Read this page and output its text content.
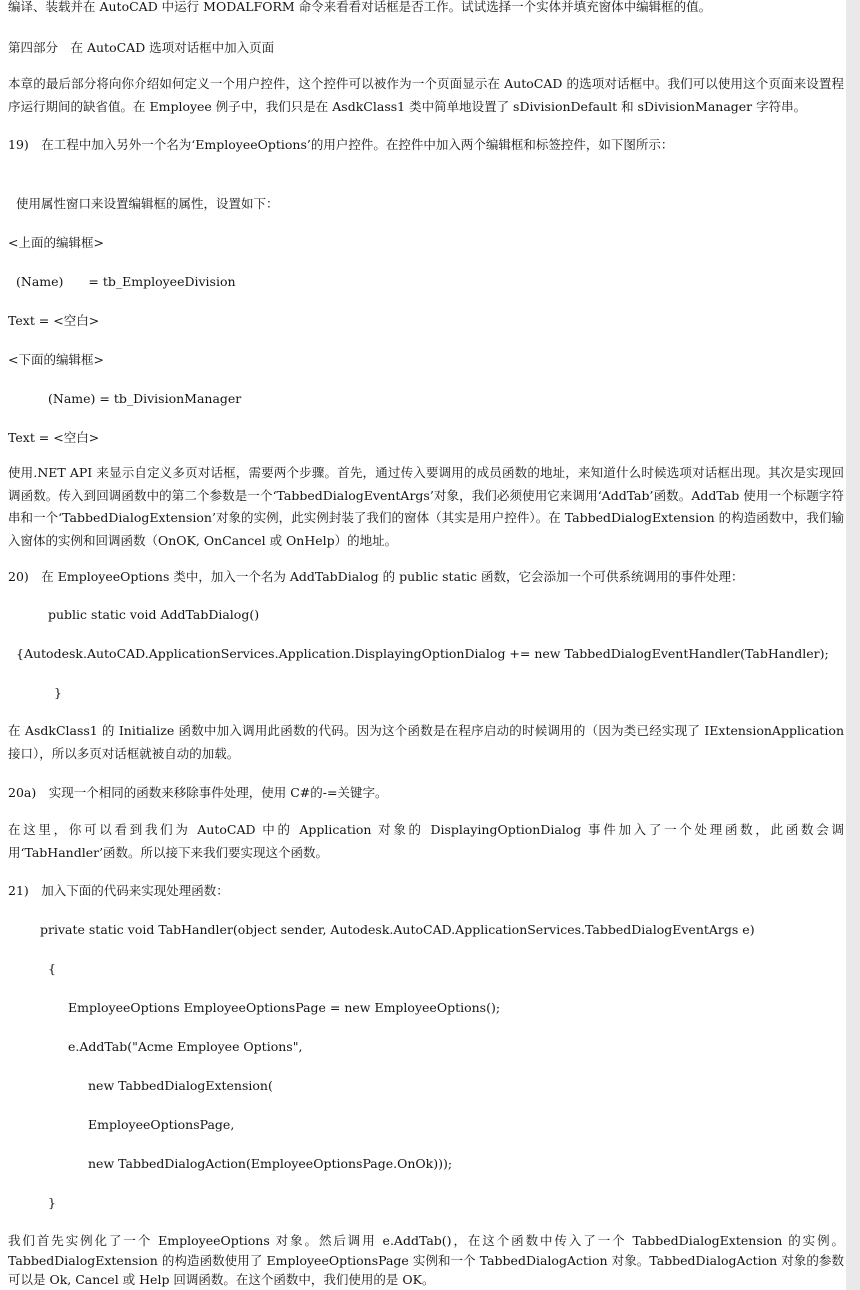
编译、装载并在 AutoCAD 中运行 MODALFORM 命令来看看对话框是否工作。试试选择一个实体并填充窗体中编辑框的值。
第四部分　在 AutoCAD 选项对话框中加入页面
本章的最后部分将向你介绍如何定义一个用户控件，这个控件可以被作为一个页面显示在 AutoCAD 的选项对话框中。我们可以使用这个页面来设置程序运行期间的缺省值。在 Employee 例子中，我们只是在 AsdkClass1 类中简单地设置了 sDivisionDefault 和 sDivisionManager 字符串。
19)　在工程中加入另外一个名为‘EmployeeOptions’的用户控件。在控件中加入两个编辑框和标签控件，如下图所示：
使用属性窗口来设置编辑框的属性，设置如下：
<上面的编辑框>
(Name)　　= tb_EmployeeDivision
Text = <空白>
<下面的编辑框>
(Name) = tb_DivisionManager
Text = <空白>
使用.NET API 来显示自定义多页对话框，需要两个步骤。首先，通过传入要调用的成员函数的地址，来知道什么时候选项对话框出现。其次是实现回调函数。传入到回调函数中的第二个参数是一个‘TabbedDialogEventArgs’对象，我们必须使用它来调用‘AddTab’函数。AddTab 使用一个标题字符串和一个‘TabbedDialogExtension’对象的实例，此实例封装了我们的窗体（其实是用户控件）。在 TabbedDialogExtension 的构造函数中，我们输入窗体的实例和回调函数（OnOK, OnCancel 或 OnHelp）的地址。
20)　在 EmployeeOptions 类中，加入一个名为 AddTabDialog 的 public static 函数，它会添加一个可供系统调用的事件处理：
public static void AddTabDialog()
{Autodesk.AutoCAD.ApplicationServices.Application.DisplayingOptionDialog += new TabbedDialogEventHandler(TabHandler);
}
在 AsdkClass1 的 Initialize 函数中加入调用此函数的代码。因为这个函数是在程序启动的时候调用的（因为类已经实现了 IExtensionApplication 接口），所以多页对话框就被自动的加载。
20a)　实现一个相同的函数来移除事件处理，使用 C#的-=关键字。
在这里，你可以看到我们为 AutoCAD 中的 Application 对象的 DisplayingOptionDialog 事件加入了一个处理函数，此函数会调用‘TabHandler’函数。所以接下来我们要实现这个函数。
21)　加入下面的代码来实现处理函数：
private static void TabHandler(object sender, Autodesk.AutoCAD.ApplicationServices.TabbedDialogEventArgs e)
{
EmployeeOptions EmployeeOptionsPage = new EmployeeOptions();
e.AddTab("Acme Employee Options",
new TabbedDialogExtension(
EmployeeOptionsPage,
new TabbedDialogAction(EmployeeOptionsPage.OnOk)));
}
我们首先实例化了一个 EmployeeOptions 对象。然后调用 e.AddTab()，在这个函数中传入了一个 TabbedDialogExtension 的实例。TabbedDialogExtension 的构造函数使用了 EmployeeOptionsPage 实例和一个 TabbedDialogAction 对象。TabbedDialogAction 对象的参数可以是 Ok, Cancel 或 Help 回调函数。在这个函数中，我们使用的是 OK。
